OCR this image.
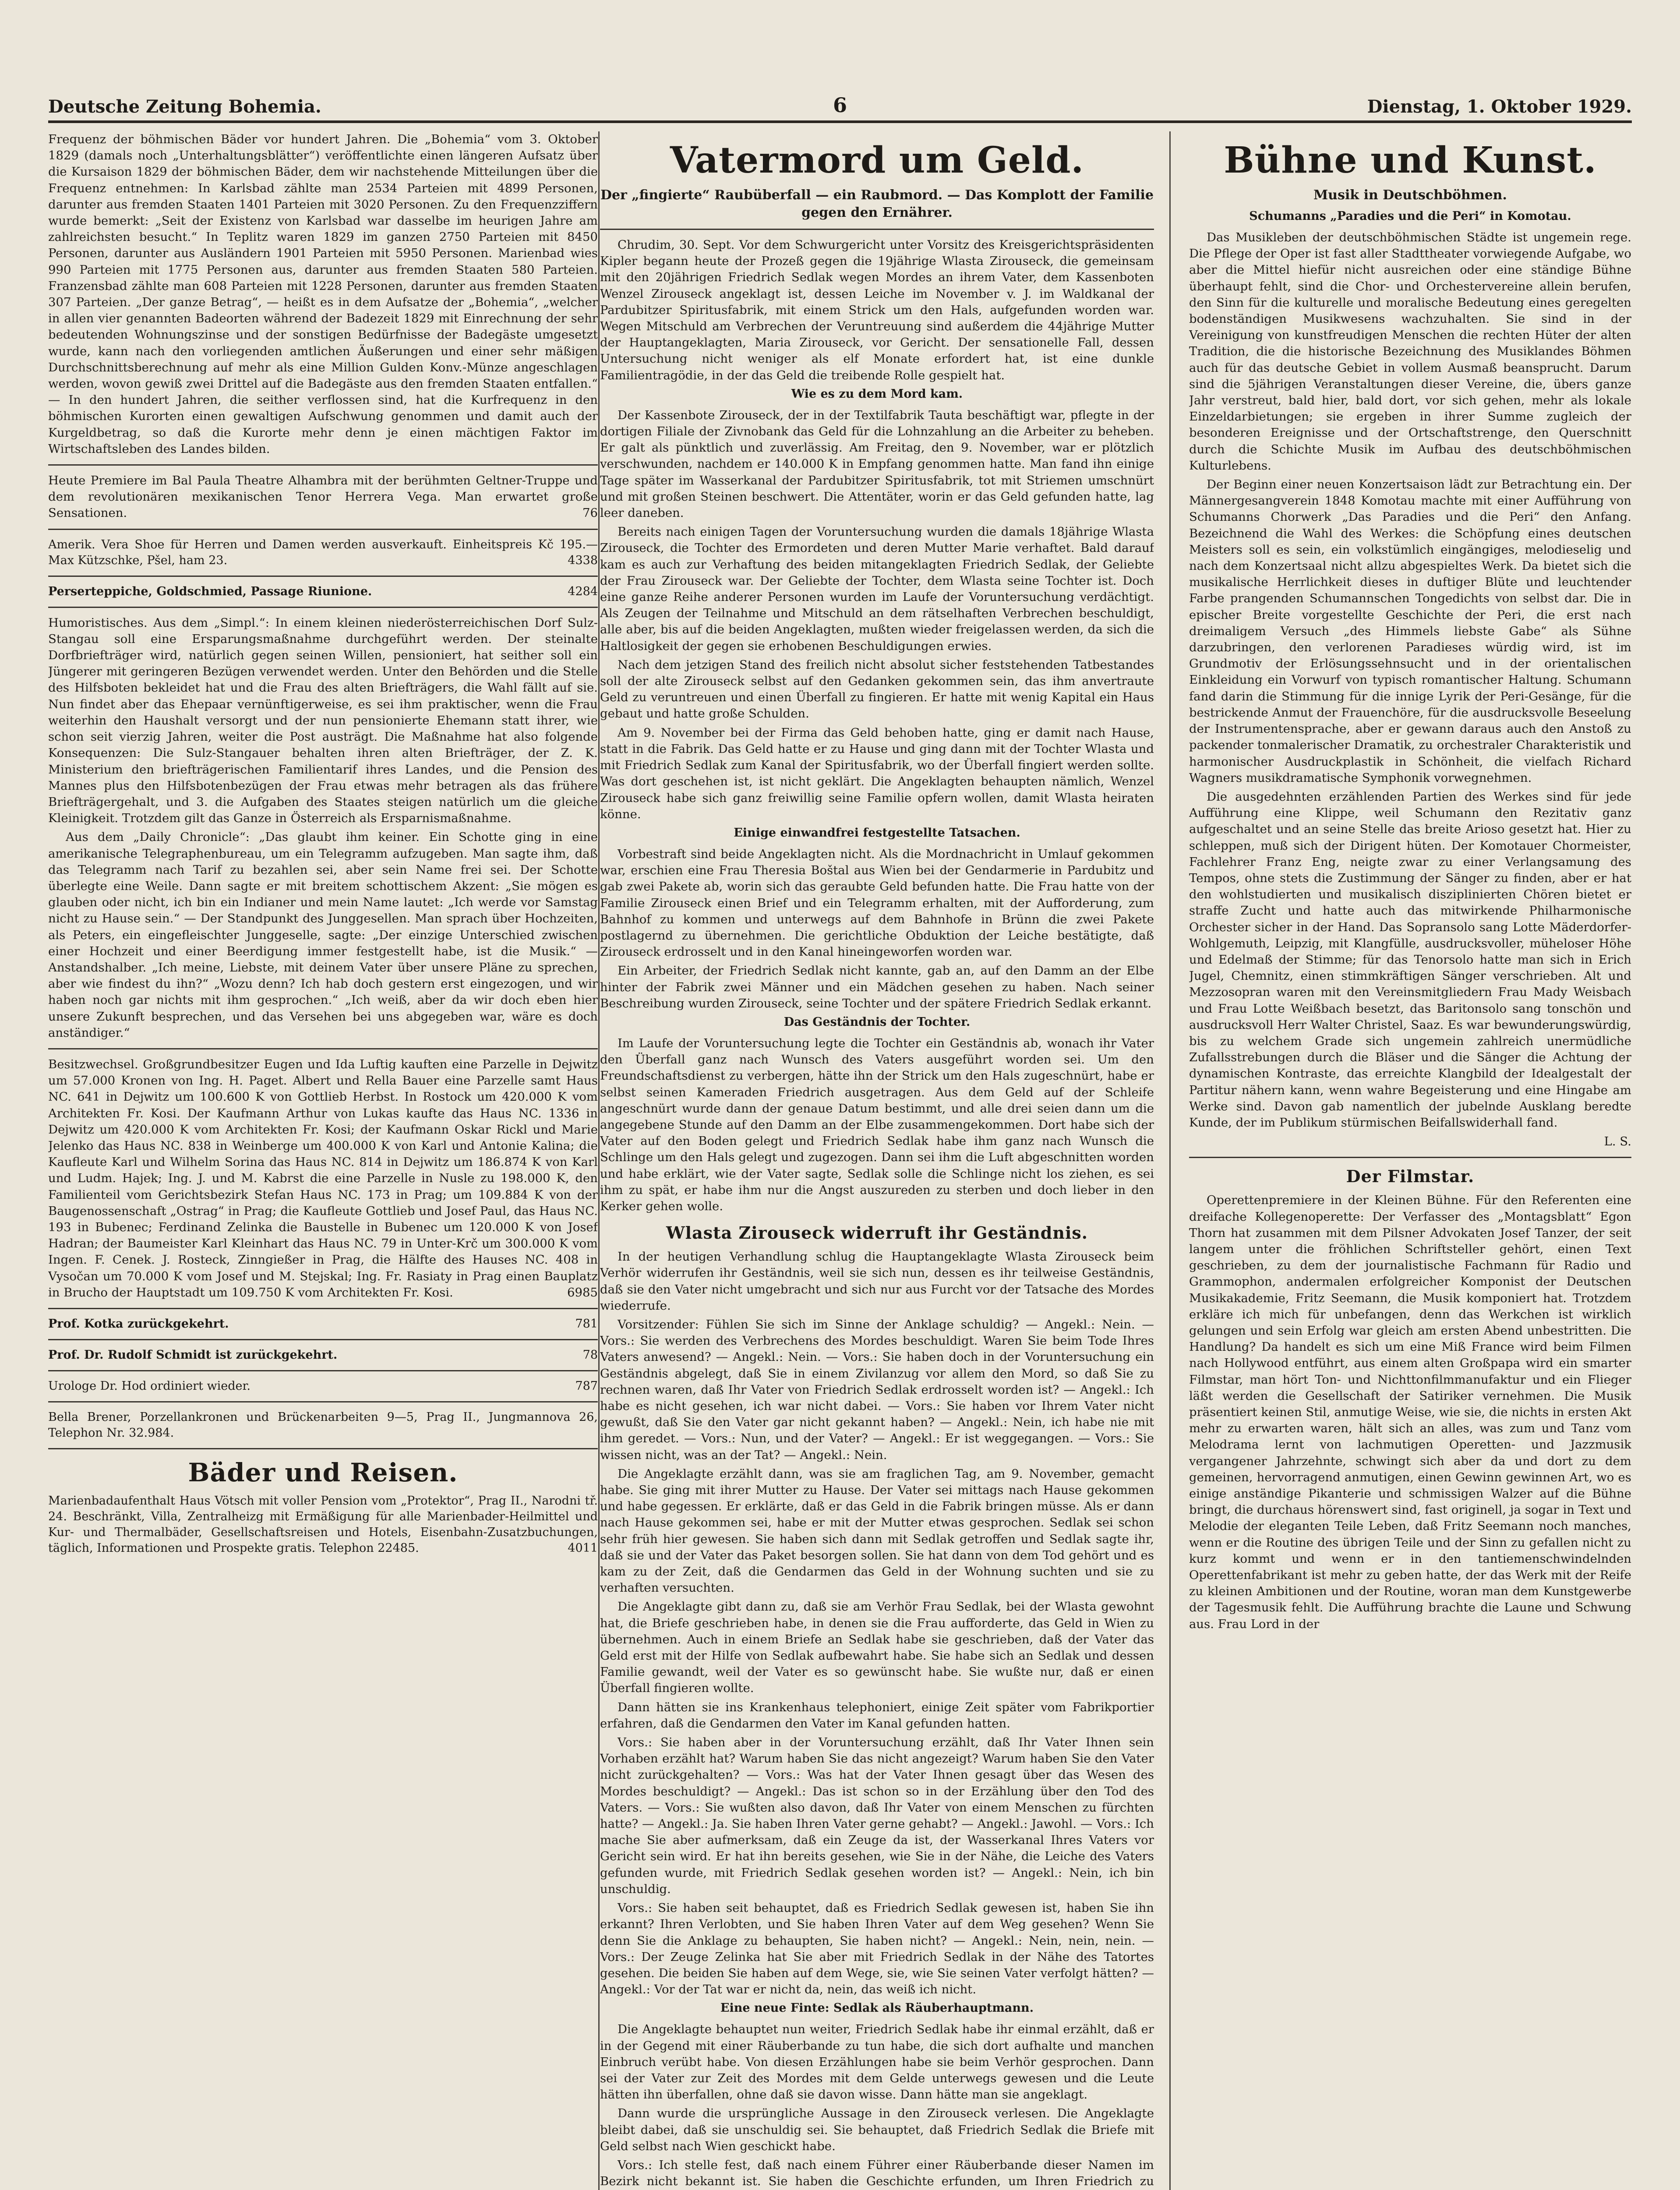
Deutsche Zeitung Bohemia.	6	Dienstag, 1. Oktober 1929.

Frequenz der böhmischen Bäder vor hundert Jahren. Die „Bohemia“ vom 3. Oktober 1829 (damals noch „Unterhaltungsblätter“) veröffentlichte einen längeren Aufsatz über die Kursaison 1829 der böhmischen Bäder, dem wir nachstehende Mitteilungen über die Frequenz entnehmen: In Karlsbad zählte man 2534 Parteien mit 4899 Personen, darunter aus fremden Staaten 1401 Parteien mit 3020 Personen. Zu den Frequenzziffern wurde bemerkt: „Seit der Existenz von Karlsbad war dasselbe im heurigen Jahre am zahlreichsten besucht.“ In Teplitz waren 1829 im ganzen 2750 Parteien mit 8450 Personen, darunter aus Ausländern 1901 Parteien mit 5950 Personen. Marienbad wies 990 Parteien mit 1775 Personen aus, darunter aus fremden Staaten 580 Parteien. Franzensbad zählte man 608 Parteien mit 1228 Personen, darunter aus fremden Staaten 307 Parteien. „Der ganze Betrag“, — heißt es in dem Aufsatze der „Bohemia“, „welcher in allen vier genannten Badeorten während der Badezeit 1829 mit Einrechnung der sehr bedeutenden Wohnungszinse und der sonstigen Bedürfnisse der Badegäste umgesetzt wurde, kann nach den vorliegenden amtlichen Äußerungen und einer sehr mäßigen Durchschnittsberechnung auf mehr als eine Million Gulden Konv.-Münze angeschlagen werden, wovon gewiß zwei Drittel auf die Badegäste aus den fremden Staaten entfallen.“ — In den hundert Jahren, die seither verflossen sind, hat die Kurfrequenz in den böhmischen Kurorten einen gewaltigen Aufschwung genommen und damit auch der Kurgeldbetrag, so daß die Kurorte mehr denn je einen mächtigen Faktor im Wirtschaftsleben des Landes bilden.

Heute Premiere im Bal Paula Theatre Alhambra mit der berühmten Geltner-Truppe und dem revolutionären mexikanischen Tenor Herrera Vega. Man erwartet große Sensationen.	76

Amerik. Vera Shoe für Herren und Damen werden ausverkauft. Einheitspreis Kč 195.— Max Kützschke, Pšel, ham 23.	4338
Perserteppiche, Goldschmied, Passage Riunione.	4284

Humoristisches. Aus dem „Simpl.“: In einem kleinen niederösterreichischen Dorf Sulz-Stangau soll eine Ersparungsmaßnahme durchgeführt werden. Der steinalte Dorfbriefträger wird, natürlich gegen seinen Willen, pensioniert, hat seither soll ein Jüngerer mit geringeren Bezügen verwendet werden. Unter den Behörden und die Stelle des Hilfsboten bekleidet hat und die Frau des alten Briefträgers, die Wahl fällt auf sie. Nun findet aber das Ehepaar vernünftigerweise, es sei ihm praktischer, wenn die Frau weiterhin den Haushalt versorgt und der nun pensionierte Ehemann statt ihrer, wie schon seit vierzig Jahren, weiter die Post austrägt. Die Maßnahme hat also folgende Konsequenzen: Die Sulz-Stangauer behalten ihren alten Briefträger, der Z. K. Ministerium den briefträgerischen Familientarif ihres Landes, und die Pension des Mannes plus den Hilfsbotenbezügen der Frau etwas mehr betragen als das frühere Briefträgergehalt, und 3. die Aufgaben des Staates steigen natürlich um die gleiche Kleinigkeit. Trotzdem gilt das Ganze in Österreich als Ersparnismaßnahme.

Aus dem „Daily Chronicle“: „Das glaubt ihm keiner. Ein Schotte ging in eine amerikanische Telegraphenbureau, um ein Telegramm aufzugeben. Man sagte ihm, daß das Telegramm nach Tarif zu bezahlen sei, aber sein Name frei sei. Der Schotte überlegte eine Weile. Dann sagte er mit breitem schottischem Akzent: „Sie mögen es glauben oder nicht, ich bin ein Indianer und mein Name lautet: „Ich werde vor Samstag nicht zu Hause sein.“ — Der Standpunkt des Junggesellen. Man sprach über Hochzeiten, als Peters, ein eingefleischter Junggeselle, sagte: „Der einzige Unterschied zwischen einer Hochzeit und einer Beerdigung immer festgestellt habe, ist die Musik.“ — Anstandshalber. „Ich meine, Liebste, mit deinem Vater über unsere Pläne zu sprechen, aber wie findest du ihn?“ „Wozu denn? Ich hab doch gestern erst eingezogen, und wir haben noch gar nichts mit ihm gesprochen.“ „Ich weiß, aber da wir doch eben hier unsere Zukunft besprechen, und das Versehen bei uns abgegeben war, wäre es doch anständiger.“

Besitzwechsel. Großgrundbesitzer Eugen und Ida Luftig kauften eine Parzelle in Dejwitz um 57.000 Kronen von Ing. H. Paget. Albert und Rella Bauer eine Parzelle samt Haus NC. 641 in Dejwitz um 100.600 K von Gottlieb Herbst. In Rostock um 420.000 K vom Architekten Fr. Kosi. Der Kaufmann Arthur von Lukas kaufte das Haus NC. 1336 in Dejwitz um 420.000 K vom Architekten Fr. Kosi; der Kaufmann Oskar Rickl und Marie Jelenko das Haus NC. 838 in Weinberge um 400.000 K von Karl und Antonie Kalina; die Kaufleute Karl und Wilhelm Sorina das Haus NC. 814 in Dejwitz um 186.874 K von Karl und Ludm. Hajek; Ing. J. und M. Kabrst die eine Parzelle in Nusle zu 198.000 K, den Familienteil vom Gerichtsbezirk Stefan Haus NC. 173 in Prag; um 109.884 K von der Baugenossenschaft „Ostrag“ in Prag; die Kaufleute Gottlieb und Josef Paul, das Haus NC. 193 in Bubenec; Ferdinand Zelinka die Baustelle in Bubenec um 120.000 K von Josef Hadran; der Baumeister Karl Kleinhart das Haus NC. 79 in Unter-Krč um 300.000 K vom Ingen. F. Cenek. J. Rosteck, Zinngießer in Prag, die Hälfte des Hauses NC. 408 in Vysočan um 70.000 K vom Josef und M. Stejskal; Ing. Fr. Rasiaty in Prag einen Bauplatz in Brucho der Hauptstadt um 109.750 K vom Architekten Fr. Kosi.	6985

Prof. Kotka zurückgekehrt.	781
Prof. Dr. Rudolf Schmidt ist zurückgekehrt.	78
Urologe Dr. Hod ordiniert wieder.	787
Bella Brener, Porzellankronen und Brückenarbeiten 9—5, Prag II., Jungmannova 26, Telephon Nr. 32.984.
Bäder und Reisen.
Marienbadaufenthalt Haus Vötsch mit voller Pension vom „Protektor“, Prag II., Narodni tř. 24. Beschränkt, Villa, Zentralheizg mit Ermäßigung für alle Marienbader-Heilmittel und Kur- und Thermalbäder, Gesellschaftsreisen und Hotels, Eisenbahn-Zusatzbuchungen, täglich, Informationen und Prospekte gratis. Telephon 22485.	4011
Vatermord um Geld.
Der „fingierte“ Raubüberfall — ein Raubmord. — Das Komplott der Familie gegen den Ernährer.

Chrudim, 30. Sept. Vor dem Schwurgericht unter Vorsitz des Kreisgerichtspräsidenten Kipler begann heute der Prozeß gegen die 19jährige Wlasta Zirouseck, die gemeinsam mit den 20jährigen Friedrich Sedlak wegen Mordes an ihrem Vater, dem Kassenboten Wenzel Zirouseck angeklagt ist, dessen Leiche im November v. J. im Waldkanal der Pardubitzer Spiritusfabrik, mit einem Strick um den Hals, aufgefunden worden war. Wegen Mitschuld am Verbrechen der Veruntreuung sind außerdem die 44jährige Mutter der Hauptangeklagten, Maria Zirouseck, vor Gericht. Der sensationelle Fall, dessen Untersuchung nicht weniger als elf Monate erfordert hat, ist eine dunkle Familientragödie, in der das Geld die treibende Rolle gespielt hat.

Wie es zu dem Mord kam.

Der Kassenbote Zirouseck, der in der Textilfabrik Tauta beschäftigt war, pflegte in der dortigen Filiale der Zivnobank das Geld für die Lohnzahlung an die Arbeiter zu beheben. Er galt als pünktlich und zuverlässig. Am Freitag, den 9. November, war er plötzlich verschwunden, nachdem er 140.000 K in Empfang genommen hatte. Man fand ihn einige Tage später im Wasserkanal der Pardubitzer Spiritusfabrik, tot mit Striemen umschnürt und mit großen Steinen beschwert. Die Attentäter, worin er das Geld gefunden hatte, lag leer daneben.

Bereits nach einigen Tagen der Voruntersuchung wurden die damals 18jährige Wlasta Zirouseck, die Tochter des Ermordeten und deren Mutter Marie verhaftet. Bald darauf kam es auch zur Verhaftung des beiden mitangeklagten Friedrich Sedlak, der Geliebte der Frau Zirouseck war. Der Geliebte der Tochter, dem Wlasta seine Tochter ist. Doch eine ganze Reihe anderer Personen wurden im Laufe der Voruntersuchung verdächtigt. Als Zeugen der Teilnahme und Mitschuld an dem rätselhaften Verbrechen beschuldigt, alle aber, bis auf die beiden Angeklagten, mußten wieder freigelassen werden, da sich die Haltlosigkeit der gegen sie erhobenen Beschuldigungen erwies.

Nach dem jetzigen Stand des freilich nicht absolut sicher feststehenden Tatbestandes soll der alte Zirouseck selbst auf den Gedanken gekommen sein, das ihm anvertraute Geld zu veruntreuen und einen Überfall zu fingieren. Er hatte mit wenig Kapital ein Haus gebaut und hatte große Schulden.

Am 9. November bei der Firma das Geld behoben hatte, ging er damit nach Hause, statt in die Fabrik. Das Geld hatte er zu Hause und ging dann mit der Tochter Wlasta und mit Friedrich Sedlak zum Kanal der Spiritusfabrik, wo der Überfall fingiert werden sollte. Was dort geschehen ist, ist nicht geklärt. Die Angeklagten behaupten nämlich, Wenzel Zirouseck habe sich ganz freiwillig seine Familie opfern wollen, damit Wlasta heiraten könne.

Einige einwandfrei festgestellte Tatsachen.

Vorbestraft sind beide Angeklagten nicht. Als die Mordnachricht in Umlauf gekommen war, erschien eine Frau Theresia Boštal aus Wien bei der Gendarmerie in Pardubitz und gab zwei Pakete ab, worin sich das geraubte Geld befunden hatte. Die Frau hatte von der Familie Zirouseck einen Brief und ein Telegramm erhalten, mit der Aufforderung, zum Bahnhof zu kommen und unterwegs auf dem Bahnhofe in Brünn die zwei Pakete postlagernd zu übernehmen. Die gerichtliche Obduktion der Leiche bestätigte, daß Zirouseck erdrosselt und in den Kanal hineingeworfen worden war.

Ein Arbeiter, der Friedrich Sedlak nicht kannte, gab an, auf den Damm an der Elbe hinter der Fabrik zwei Männer und ein Mädchen gesehen zu haben. Nach seiner Beschreibung wurden Zirouseck, seine Tochter und der spätere Friedrich Sedlak erkannt.

Das Geständnis der Tochter.

Im Laufe der Voruntersuchung legte die Tochter ein Geständnis ab, wonach ihr Vater den Überfall ganz nach Wunsch des Vaters ausgeführt worden sei. Um den Freundschaftsdienst zu verbergen, hätte ihn der Strick um den Hals zugeschnürt, habe er selbst seinen Kameraden Friedrich ausgetragen. Aus dem Geld auf der Schleife angeschnürt wurde dann der genaue Datum bestimmt, und alle drei seien dann um die angegebene Stunde auf den Damm an der Elbe zusammengekommen. Dort habe sich der Vater auf den Boden gelegt und Friedrich Sedlak habe ihm ganz nach Wunsch die Schlinge um den Hals gelegt und zugezogen. Dann sei ihm die Luft abgeschnitten worden und habe erklärt, wie der Vater sagte, Sedlak solle die Schlinge nicht los ziehen, es sei ihm zu spät, er habe ihm nur die Angst auszureden zu sterben und doch lieber in den Kerker gehen wolle.

Wlasta Zirouseck widerruft ihr Geständnis.

In der heutigen Verhandlung schlug die Hauptangeklagte Wlasta Zirouseck beim Verhör widerrufen ihr Geständnis, weil sie sich nun, dessen es ihr teilweise Geständnis, daß sie den Vater nicht umgebracht und sich nur aus Furcht vor der Tatsache des Mordes wiederrufe.

Vorsitzender: Fühlen Sie sich im Sinne der Anklage schuldig? — Angekl.: Nein. — Vors.: Sie werden des Verbrechens des Mordes beschuldigt. Waren Sie beim Tode Ihres Vaters anwesend? — Angekl.: Nein. — Vors.: Sie haben doch in der Voruntersuchung ein Geständnis abgelegt, daß Sie in einem Zivilanzug vor allem den Mord, so daß Sie zu rechnen waren, daß Ihr Vater von Friedrich Sedlak erdrosselt worden ist? — Angekl.: Ich habe es nicht gesehen, ich war nicht dabei. — Vors.: Sie haben vor Ihrem Vater nicht gewußt, daß Sie den Vater gar nicht gekannt haben? — Angekl.: Nein, ich habe nie mit ihm geredet. — Vors.: Nun, und der Vater? — Angekl.: Er ist weggegangen. — Vors.: Sie wissen nicht, was an der Tat? — Angekl.: Nein.

Die Angeklagte erzählt dann, was sie am fraglichen Tag, am 9. November, gemacht habe. Sie ging mit ihrer Mutter zu Hause. Der Vater sei mittags nach Hause gekommen und habe gegessen. Er erklärte, daß er das Geld in die Fabrik bringen müsse. Als er dann nach Hause gekommen sei, habe er mit der Mutter etwas gesprochen. Sedlak sei schon sehr früh hier gewesen. Sie haben sich dann mit Sedlak getroffen und Sedlak sagte ihr, daß sie und der Vater das Paket besorgen sollen. Sie hat dann von dem Tod gehört und es kam zu der Zeit, daß die Gendarmen das Geld in der Wohnung suchten und sie zu verhaften versuchten.

Die Angeklagte gibt dann zu, daß sie am Verhör Frau Sedlak, bei der Wlasta gewohnt hat, die Briefe geschrieben habe, in denen sie die Frau aufforderte, das Geld in Wien zu übernehmen. Auch in einem Briefe an Sedlak habe sie geschrieben, daß der Vater das Geld erst mit der Hilfe von Sedlak aufbewahrt habe. Sie habe sich an Sedlak und dessen Familie gewandt, weil der Vater es so gewünscht habe. Sie wußte nur, daß er einen Überfall fingieren wollte.

Dann hätten sie ins Krankenhaus telephoniert, einige Zeit später vom Fabrikportier erfahren, daß die Gendarmen den Vater im Kanal gefunden hatten.

Vors.: Sie haben aber in der Voruntersuchung erzählt, daß Ihr Vater Ihnen sein Vorhaben erzählt hat? Warum haben Sie das nicht angezeigt? Warum haben Sie den Vater nicht zurückgehalten? — Vors.: Was hat der Vater Ihnen gesagt über das Wesen des Mordes beschuldigt? — Angekl.: Das ist schon so in der Erzählung über den Tod des Vaters. — Vors.: Sie wußten also davon, daß Ihr Vater von einem Menschen zu fürchten hatte? — Angekl.: Ja. Sie haben Ihren Vater gerne gehabt? — Angekl.: Jawohl. — Vors.: Ich mache Sie aber aufmerksam, daß ein Zeuge da ist, der Wasserkanal Ihres Vaters vor Gericht sein wird. Er hat ihn bereits gesehen, wie Sie in der Nähe, die Leiche des Vaters gefunden wurde, mit Friedrich Sedlak gesehen worden ist? — Angekl.: Nein, ich bin unschuldig.

Vors.: Sie haben seit behauptet, daß es Friedrich Sedlak gewesen ist, haben Sie ihn erkannt? Ihren Verlobten, und Sie haben Ihren Vater auf dem Weg gesehen? Wenn Sie denn Sie die Anklage zu behaupten, Sie haben nicht? — Angekl.: Nein, nein, nein. — Vors.: Der Zeuge Zelinka hat Sie aber mit Friedrich Sedlak in der Nähe des Tatortes gesehen. Die beiden Sie haben auf dem Wege, sie, wie Sie seinen Vater verfolgt hätten? — Angekl.: Vor der Tat war er nicht da, nein, das weiß ich nicht.

Eine neue Finte: Sedlak als Räuberhauptmann.

Die Angeklagte behauptet nun weiter, Friedrich Sedlak habe ihr einmal erzählt, daß er in der Gegend mit einer Räuberbande zu tun habe, die sich dort aufhalte und manchen Einbruch verübt habe. Von diesen Erzählungen habe sie beim Verhör gesprochen. Dann sei der Vater zur Zeit des Mordes mit dem Gelde unterwegs gewesen und die Leute hätten ihn überfallen, ohne daß sie davon wisse. Dann hätte man sie angeklagt.

Dann wurde die ursprüngliche Aussage in den Zirouseck verlesen. Die Angeklagte bleibt dabei, daß sie unschuldig sei. Sie behauptet, daß Friedrich Sedlak die Briefe mit Geld selbst nach Wien geschickt habe.

Vors.: Ich stelle fest, daß nach einem Führer einer Räuberbande dieser Namen im Bezirk nicht bekannt ist. Sie haben die Geschichte erfunden, um Ihren Friedrich zu

Bühne und Kunst.
Musik in Deutschböhmen.
Schumanns „Paradies und die Peri“ in Komotau.

Das Musikleben der deutschböhmischen Städte ist ungemein rege. Die Pflege der Oper ist fast aller Stadttheater vorwiegende Aufgabe, wo aber die Mittel hiefür nicht ausreichen oder eine ständige Bühne überhaupt fehlt, sind die Chor- und Orchestervereine allein berufen, den Sinn für die kulturelle und moralische Bedeutung eines geregelten bodenständigen Musikwesens wachzuhalten. Sie sind in der Vereinigung von kunstfreudigen Menschen die rechten Hüter der alten Tradition, die die historische Bezeichnung des Musiklandes Böhmen auch für das deutsche Gebiet in vollem Ausmaß beansprucht. Darum sind die 5jährigen Veranstaltungen dieser Vereine, die, übers ganze Jahr verstreut, bald hier, bald dort, vor sich gehen, mehr als lokale Einzeldarbietungen; sie ergeben in ihrer Summe zugleich der besonderen Ereignisse und der Ortschaftstrenge, den Querschnitt durch die Schichte Musik im Aufbau des deutschböhmischen Kulturlebens.

Der Beginn einer neuen Konzertsaison lädt zur Betrachtung ein. Der Männergesangverein 1848 Komotau machte mit einer Aufführung von Schumanns Chorwerk „Das Paradies und die Peri“ den Anfang. Bezeichnend die Wahl des Werkes: die Schöpfung eines deutschen Meisters soll es sein, ein volkstümlich eingängiges, melodieselig und nach dem Konzertsaal nicht allzu abgespieltes Werk. Da bietet sich die musikalische Herrlichkeit dieses in duftiger Blüte und leuchtender Farbe prangenden Schumannschen Tongedichts von selbst dar. Die in epischer Breite vorgestellte Geschichte der Peri, die erst nach dreimaligem Versuch „des Himmels liebste Gabe“ als Sühne darzubringen, den verlorenen Paradieses würdig wird, ist im Grundmotiv der Erlösungssehnsucht und in der orientalischen Einkleidung ein Vorwurf von typisch romantischer Haltung. Schumann fand darin die Stimmung für die innige Lyrik der Peri-Gesänge, für die bestrickende Anmut der Frauenchöre, für die ausdrucksvolle Beseelung der Instrumentensprache, aber er gewann daraus auch den Anstoß zu packender tonmalerischer Dramatik, zu orchestraler Charakteristik und harmonischer Ausdruckplastik in Schönheit, die vielfach Richard Wagners musikdramatische Symphonik vorwegnehmen.

Die ausgedehnten erzählenden Partien des Werkes sind für jede Aufführung eine Klippe, weil Schumann den Rezitativ ganz aufgeschaltet und an seine Stelle das breite Arioso gesetzt hat. Hier zu schleppen, muß sich der Dirigent hüten. Der Komotauer Chormeister, Fachlehrer Franz Eng, neigte zwar zu einer Verlangsamung des Tempos, ohne stets die Zustimmung der Sänger zu finden, aber er hat den wohlstudierten und musikalisch disziplinierten Chören bietet er straffe Zucht und hatte auch das mitwirkende Philharmonische Orchester sicher in der Hand. Das Sopransolo sang Lotte Mäderdorfer-Wohlgemuth, Leipzig, mit Klangfülle, ausdrucksvoller, müheloser Höhe und Edelmaß der Stimme; für das Tenorsolo hatte man sich in Erich Jugel, Chemnitz, einen stimmkräftigen Sänger verschrieben. Alt und Mezzosopran waren mit den Vereinsmitgliedern Frau Mady Weisbach und Frau Lotte Weißbach besetzt, das Baritonsolo sang tonschön und ausdrucksvoll Herr Walter Christel, Saaz. Es war bewunderungswürdig, bis zu welchem Grade sich ungemein zahlreich unermüdliche Zufallsstrebungen durch die Bläser und die Sänger die Achtung der dynamischen Kontraste, das erreichte Klangbild der Idealgestalt der Partitur nähern kann, wenn wahre Begeisterung und eine Hingabe am Werke sind. Davon gab namentlich der jubelnde Ausklang beredte Kunde, der im Publikum stürmischen Beifallswiderhall fand.

L. S.
Der Filmstar.

Operettenpremiere in der Kleinen Bühne. Für den Referenten eine dreifache Kollegenoperette: Der Verfasser des „Montagsblatt“ Egon Thorn hat zusammen mit dem Pilsner Advokaten Josef Tanzer, der seit langem unter die fröhlichen Schriftsteller gehört, einen Text geschrieben, zu dem der journalistische Fachmann für Radio und Grammophon, andermalen erfolgreicher Komponist der Deutschen Musikakademie, Fritz Seemann, die Musik komponiert hat. Trotzdem erkläre ich mich für unbefangen, denn das Werkchen ist wirklich gelungen und sein Erfolg war gleich am ersten Abend unbestritten. Die Handlung? Da handelt es sich um eine Miß France wird beim Filmen nach Hollywood entführt, aus einem alten Großpapa wird ein smarter Filmstar, man hört Ton- und Nichttonfilmmanufaktur und ein Flieger läßt werden die Gesellschaft der Satiriker vernehmen. Die Musik präsentiert keinen Stil, anmutige Weise, wie sie, die nichts in ersten Akt mehr zu erwarten waren, hält sich an alles, was zum und Tanz vom Melodrama lernt von lachmutigen Operetten- und Jazzmusik vergangener Jahrzehnte, schwingt sich aber da und dort zu dem gemeinen, hervorragend anmutigen, einen Gewinn gewinnen Art, wo es einige anständige Pikanterie und schmissigen Walzer auf die Bühne bringt, die durchaus hörenswert sind, fast originell, ja sogar in Text und Melodie der eleganten Teile Leben, daß Fritz Seemann noch manches, wenn er die Routine des übrigen Teile und der Sinn zu gefallen nicht zu kurz kommt und wenn er in den tantiemenschwindelnden Operettenfabrikant ist mehr zu geben hatte, der das Werk mit der Reife zu kleinen Ambitionen und der Routine, woran man dem Kunstgewerbe der Tagesmusik fehlt. Die Aufführung brachte die Laune und Schwung aus. Frau Lord in der
